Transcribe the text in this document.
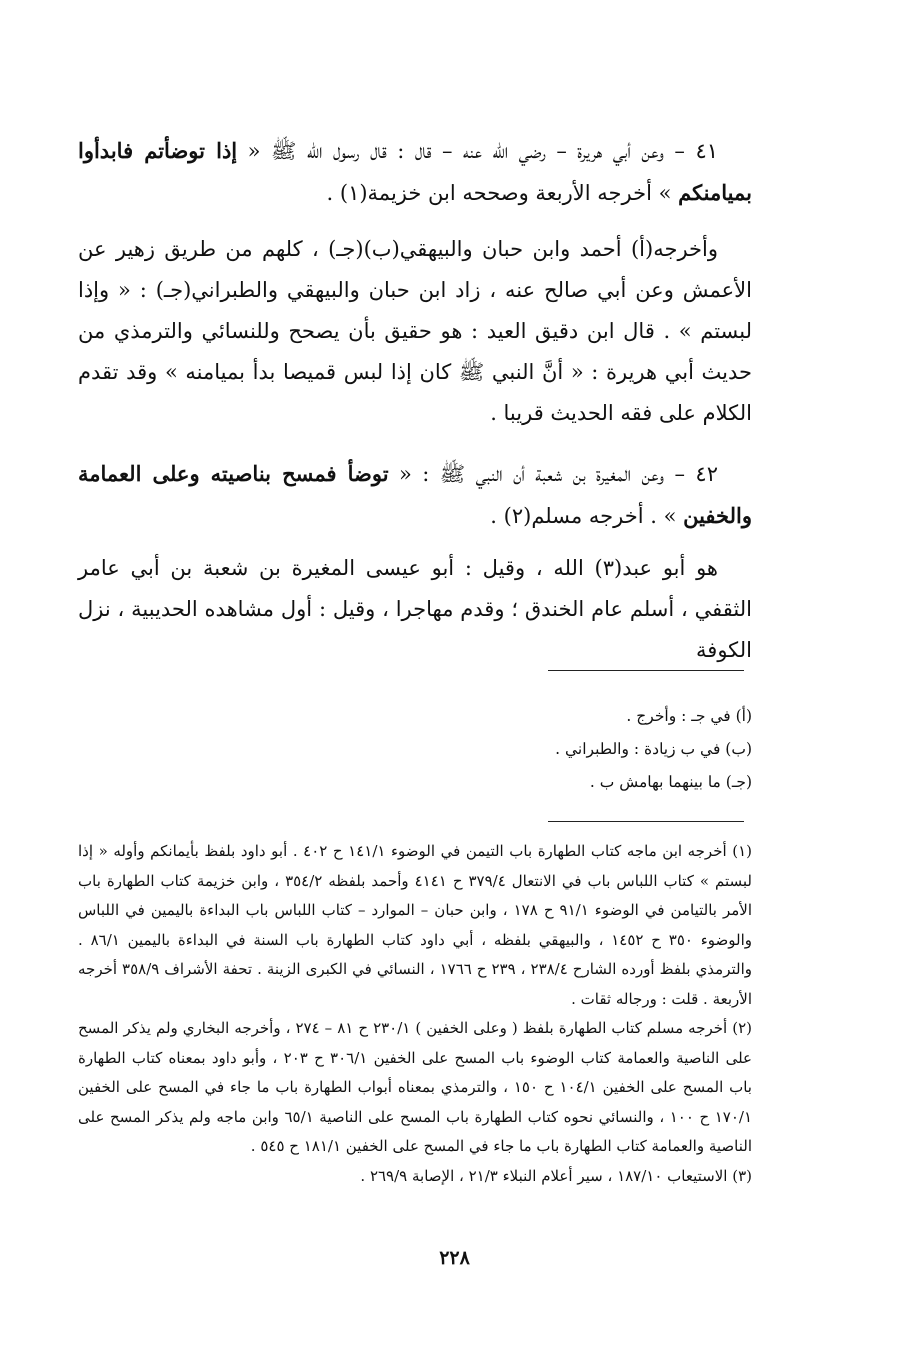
٤١ – وعن أبي هريرة – رضي الله عنه – قال : قال رسول الله ﷺ « إذا توضأتم فابدأوا بميامنكم » أخرجه الأربعة وصححه ابن خزيمة(١) .

وأخرجه(أ) أحمد وابن حبان والبيهقي(ب)(جـ) ، كلهم من طريق زهير عن الأعمش وعن أبي صالح عنه ، زاد ابن حبان والبيهقي والطبراني(جـ) : « وإذا لبستم » . قال ابن دقيق العيد : هو حقيق بأن يصحح وللنسائي والترمذي من حديث أبي هريرة : « أنَّ النبي ﷺ كان إذا لبس قميصا بدأ بميامنه » وقد تقدم الكلام على فقه الحديث قريبا .

٤٢ – وعن المغيرة بن شعبة أن النبي ﷺ : « توضأ فمسح بناصيته وعلى العمامة والخفين » . أخرجه مسلم(٢) .

هو أبو عبد(٣) الله ، وقيل : أبو عيسى المغيرة بن شعبة بن أبي عامر الثقفي ، أسلم عام الخندق ؛ وقدم مهاجرا ، وقيل : أول مشاهده الحديبية ، نزل الكوفة

(أ) في جـ : وأخرج .
(ب) في ب زيادة : والطبراني .
(جـ) ما بينهما بهامش ب .

(١) أخرجه ابن ماجه كتاب الطهارة باب التيمن في الوضوء ١٤١/١ ح ٤٠٢ . أبو داود بلفظ بأيمانكم وأوله « إذا لبستم » كتاب اللباس باب في الانتعال ٣٧٩/٤ ح ٤١٤١ وأحمد بلفظه ٣٥٤/٢ ، وابن خزيمة كتاب الطهارة باب الأمر بالتيامن في الوضوء ٩١/١ ح ١٧٨ ، وابن حبان – الموارد – كتاب اللباس باب البداءة باليمين في اللباس والوضوء ٣٥٠ ح ١٤٥٢ ، والبيهقي بلفظه ، أبي داود كتاب الطهارة باب السنة في البداءة باليمين ٨٦/١ . والترمذي بلفظ أورده الشارح ٢٣٨/٤ ، ٢٣٩ ح ١٧٦٦ ، النسائي في الكبرى الزينة . تحفة الأشراف ٣٥٨/٩ أخرجه الأربعة . قلت : ورجاله ثقات .

(٢) أخرجه مسلم كتاب الطهارة بلفظ ( وعلى الخفين ) ٢٣٠/١ ح ٨١ – ٢٧٤ ، وأخرجه البخاري ولم يذكر المسح على الناصية والعمامة كتاب الوضوء باب المسح على الخفين ٣٠٦/١ ح ٢٠٣ ، وأبو داود بمعناه كتاب الطهارة باب المسح على الخفين ١٠٤/١ ح ١٥٠ ، والترمذي بمعناه أبواب الطهارة باب ما جاء في المسح على الخفين ١٧٠/١ ح ١٠٠ ، والنسائي نحوه كتاب الطهارة باب المسح على الناصية ٦٥/١ وابن ماجه ولم يذكر المسح على الناصية والعمامة كتاب الطهارة باب ما جاء في المسح على الخفين ١٨١/١ ح ٥٤٥ .

(٣) الاستيعاب ١٨٧/١٠ ، سير أعلام النبلاء ٢١/٣ ، الإصابة ٢٦٩/٩ .

٢٢٨
